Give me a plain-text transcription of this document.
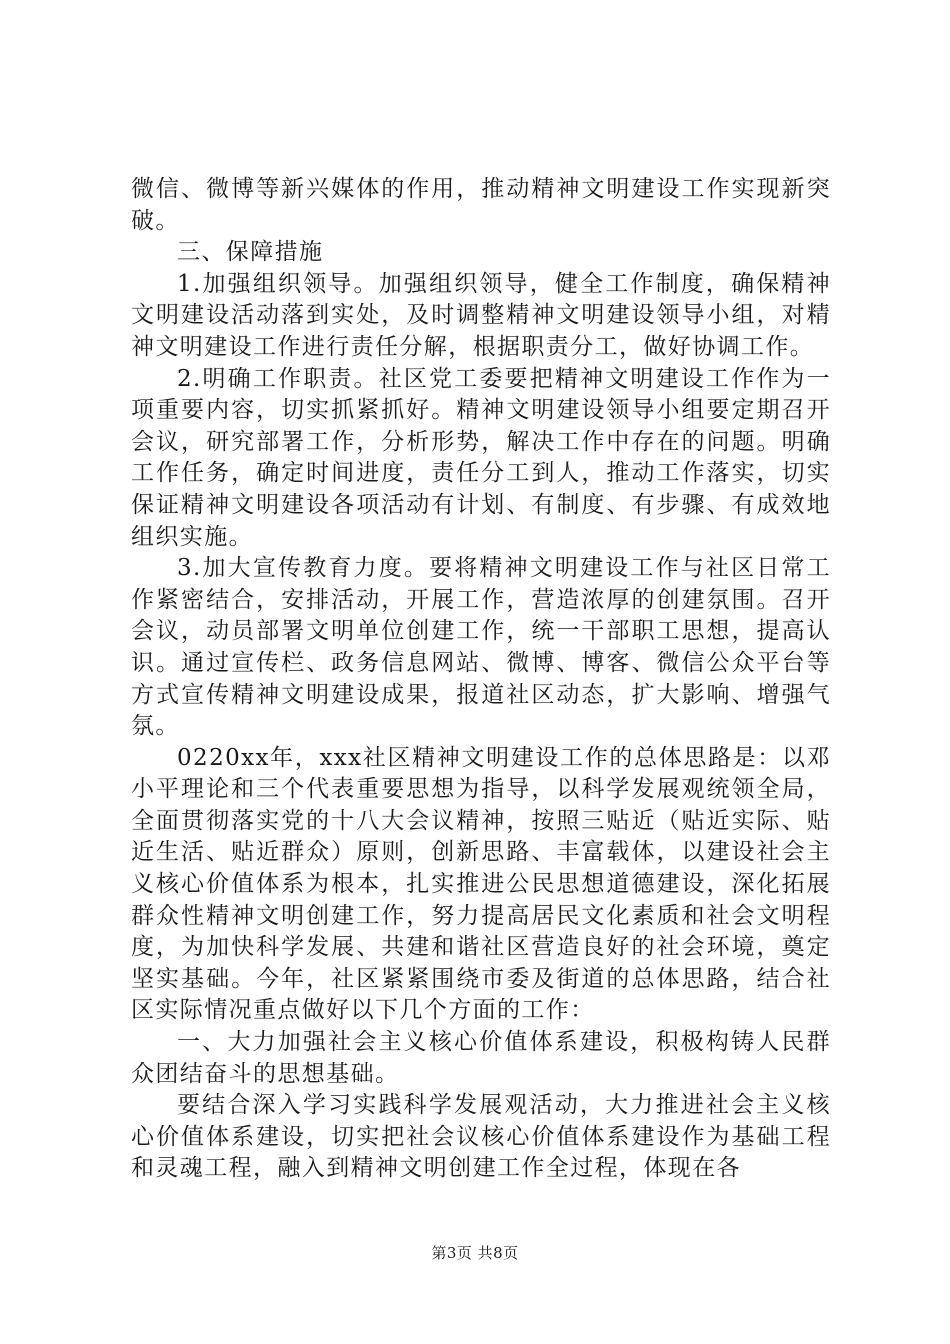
微信、微博等新兴媒体的作用，推动精神文明建设工作实现新突破。

三、保障措施

1.加强组织领导。加强组织领导，健全工作制度，确保精神文明建设活动落到实处，及时调整精神文明建设领导小组，对精神文明建设工作进行责任分解，根据职责分工，做好协调工作。

2.明确工作职责。社区党工委要把精神文明建设工作作为一项重要内容，切实抓紧抓好。精神文明建设领导小组要定期召开会议，研究部署工作，分析形势，解决工作中存在的问题。明确工作任务，确定时间进度，责任分工到人，推动工作落实，切实保证精神文明建设各项活动有计划、有制度、有步骤、有成效地组织实施。

3.加大宣传教育力度。要将精神文明建设工作与社区日常工作紧密结合，安排活动，开展工作，营造浓厚的创建氛围。召开会议，动员部署文明单位创建工作，统一干部职工思想，提高认识。通过宣传栏、政务信息网站、微博、博客、微信公众平台等方式宣传精神文明建设成果，报道社区动态，扩大影响、增强气氛。

0220xx年，xxx社区精神文明建设工作的总体思路是：以邓小平理论和三个代表重要思想为指导，以科学发展观统领全局，全面贯彻落实党的十八大会议精神，按照三贴近（贴近实际、贴近生活、贴近群众）原则，创新思路、丰富载体，以建设社会主义核心价值体系为根本，扎实推进公民思想道德建设，深化拓展群众性精神文明创建工作，努力提高居民文化素质和社会文明程度，为加快科学发展、共建和谐社区营造良好的社会环境，奠定坚实基础。今年，社区紧紧围绕市委及街道的总体思路，结合社区实际情况重点做好以下几个方面的工作：

一、大力加强社会主义核心价值体系建设，积极构铸人民群众团结奋斗的思想基础。

要结合深入学习实践科学发展观活动，大力推进社会主义核心价值体系建设，切实把社会议核心价值体系建设作为基础工程和灵魂工程，融入到精神文明创建工作全过程，体现在各

第3页 共8页
